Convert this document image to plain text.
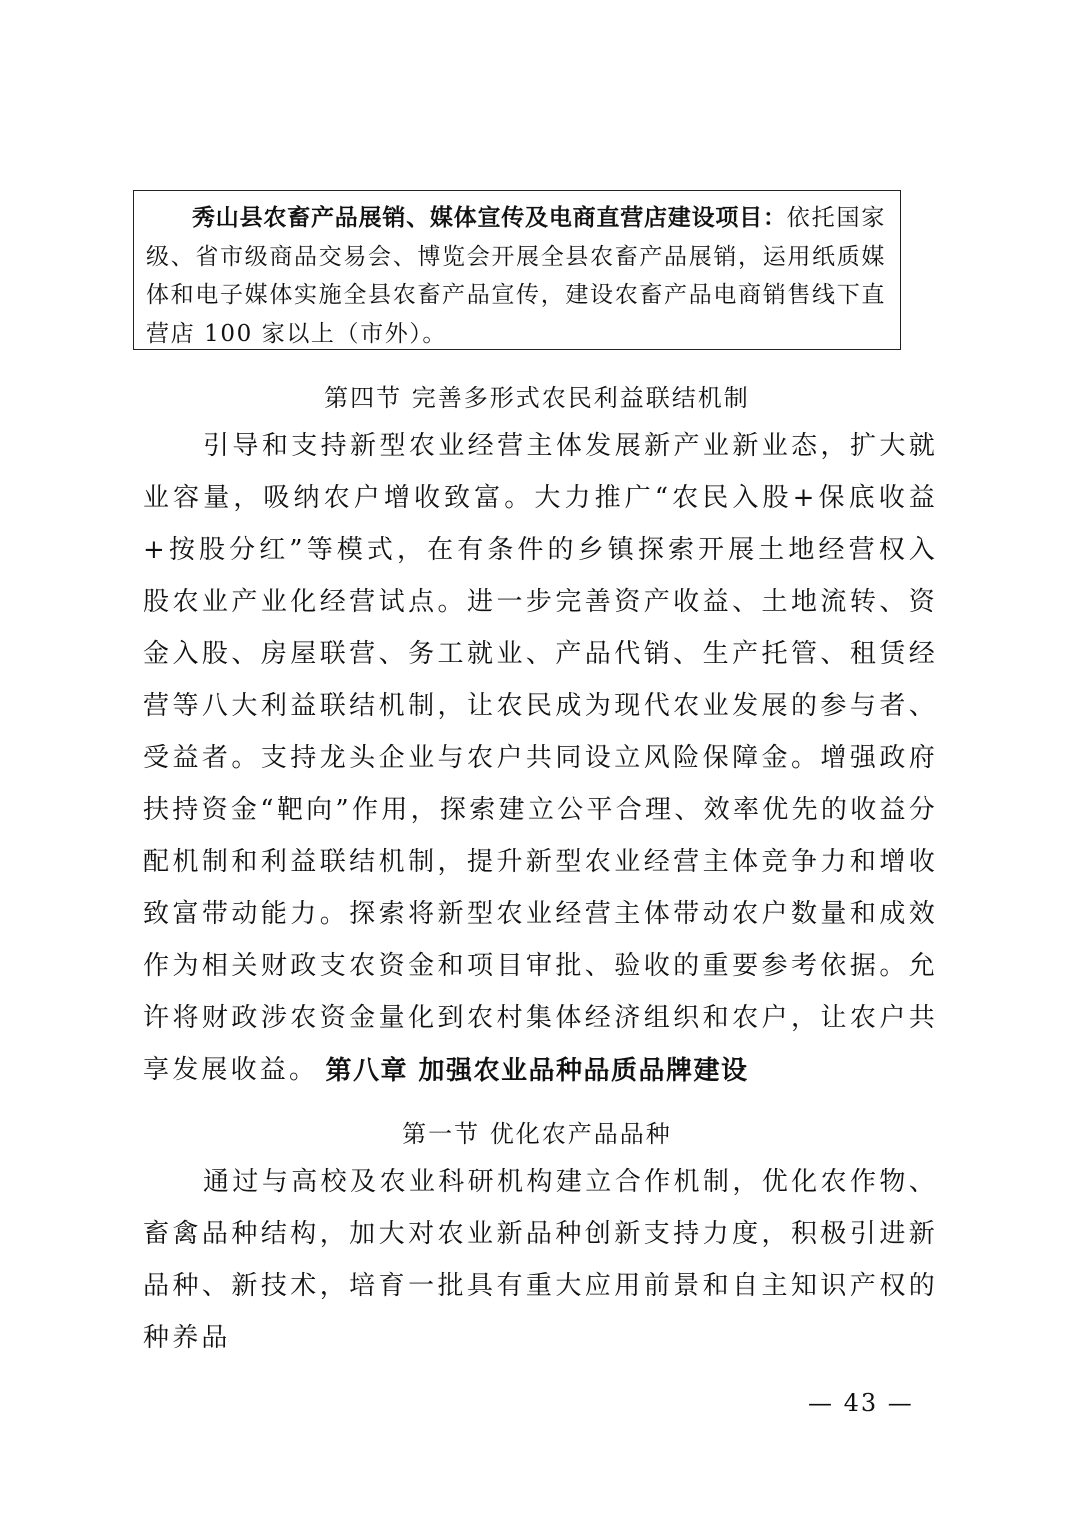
秀山县农畜产品展销、媒体宣传及电商直营店建设项目：依托国家级、省市级商品交易会、博览会开展全县农畜产品展销，运用纸质媒体和电子媒体实施全县农畜产品宣传，建设农畜产品电商销售线下直营店 100 家以上（市外）。
第四节 完善多形式农民利益联结机制

引导和支持新型农业经营主体发展新产业新业态，扩大就业容量，吸纳农户增收致富。大力推广“农民入股+保底收益+按股分红”等模式，在有条件的乡镇探索开展土地经营权入股农业产业化经营试点。进一步完善资产收益、土地流转、资金入股、房屋联营、务工就业、产品代销、生产托管、租赁经营等八大利益联结机制，让农民成为现代农业发展的参与者、受益者。支持龙头企业与农户共同设立风险保障金。增强政府扶持资金“靶向”作用，探索建立公平合理、效率优先的收益分配机制和利益联结机制，提升新型农业经营主体竞争力和增收致富带动能力。探索将新型农业经营主体带动农户数量和成效作为相关财政支农资金和项目审批、验收的重要参考依据。允许将财政涉农资金量化到农村集体经济组织和农户，让农户共享发展收益。 第八章 加强农业品种品质品牌建设
第一节 优化农产品品种

通过与高校及农业科研机构建立合作机制，优化农作物、畜禽品种结构，加大对农业新品种创新支持力度，积极引进新品种、新技术，培育一批具有重大应用前景和自主知识产权的种养品

— 43 —
